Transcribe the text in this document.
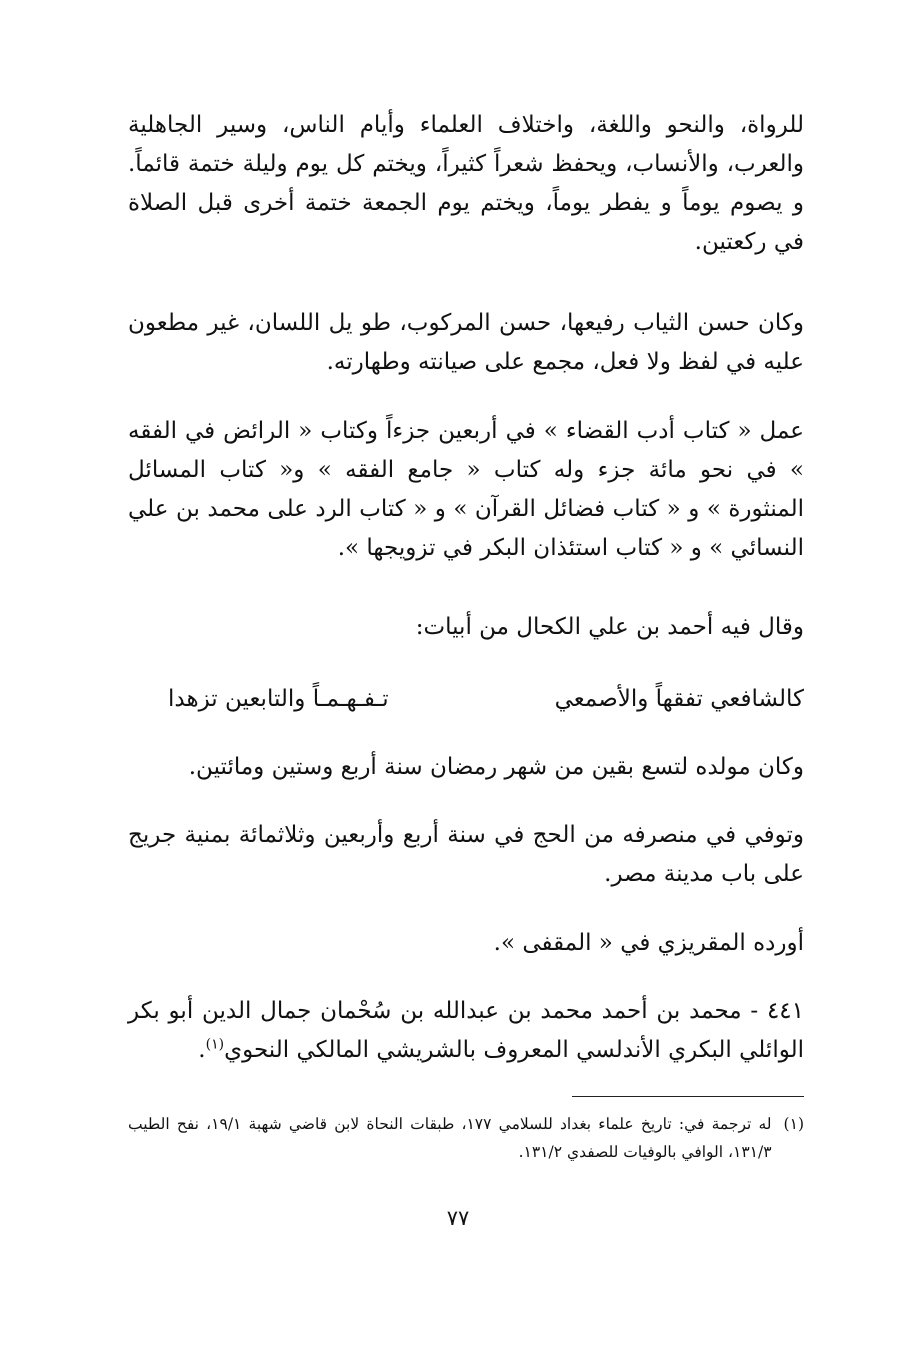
للرواة، والنحو واللغة، واختلاف العلماء وأيام الناس، وسير الجاهلية والعرب، والأنساب، ويحفظ شعراً كثيراً، ويختم كل يوم وليلة ختمة قائماً. و يصوم يوماً و يفطر يوماً، ويختم يوم الجمعة ختمة أخرى قبل الصلاة في ركعتين.

وكان حسن الثياب رفيعها، حسن المركوب، طو يل اللسان، غير مطعون عليه في لفظ ولا فعل، مجمع على صيانته وطهارته.

عمل « كتاب أدب القضاء » في أربعين جزءاً وكتاب « الرائض في الفقه » في نحو مائة جزء وله كتاب « جامع الفقه » و« كتاب المسائل المنثورة » و « كتاب فضائل القرآن » و « كتاب الرد على محمد بن علي النسائي » و « كتاب استئذان البكر في تزويجها ».

وقال فيه أحمد بن علي الكحال من أبيات:

كالشافعي تفقهاً والأصمعي
تـفـهـمـاً والتابعين تزهدا

وكان مولده لتسع بقين من شهر رمضان سنة أربع وستين ومائتين.

وتوفي في منصرفه من الحج في سنة أربع وأربعين وثلاثمائة بمنية جريج على باب مدينة مصر.

أورده المقريزي في « المقفى ».

٤٤١ - محمد بن أحمد محمد بن عبدالله بن سُحْمان جمال الدين أبو بكر الوائلي البكري الأندلسي المعروف بالشريشي المالكي النحوي$^{(١)}$.

(١)
له ترجمة في: تاريخ علماء بغداد للسلامي ١٧٧، طبقات النحاة لابن قاضي شهبة ١٩/١، نفح الطيب ١٣١/٣، الوافي بالوفيات للصفدي ١٣١/٢.
٧٧
